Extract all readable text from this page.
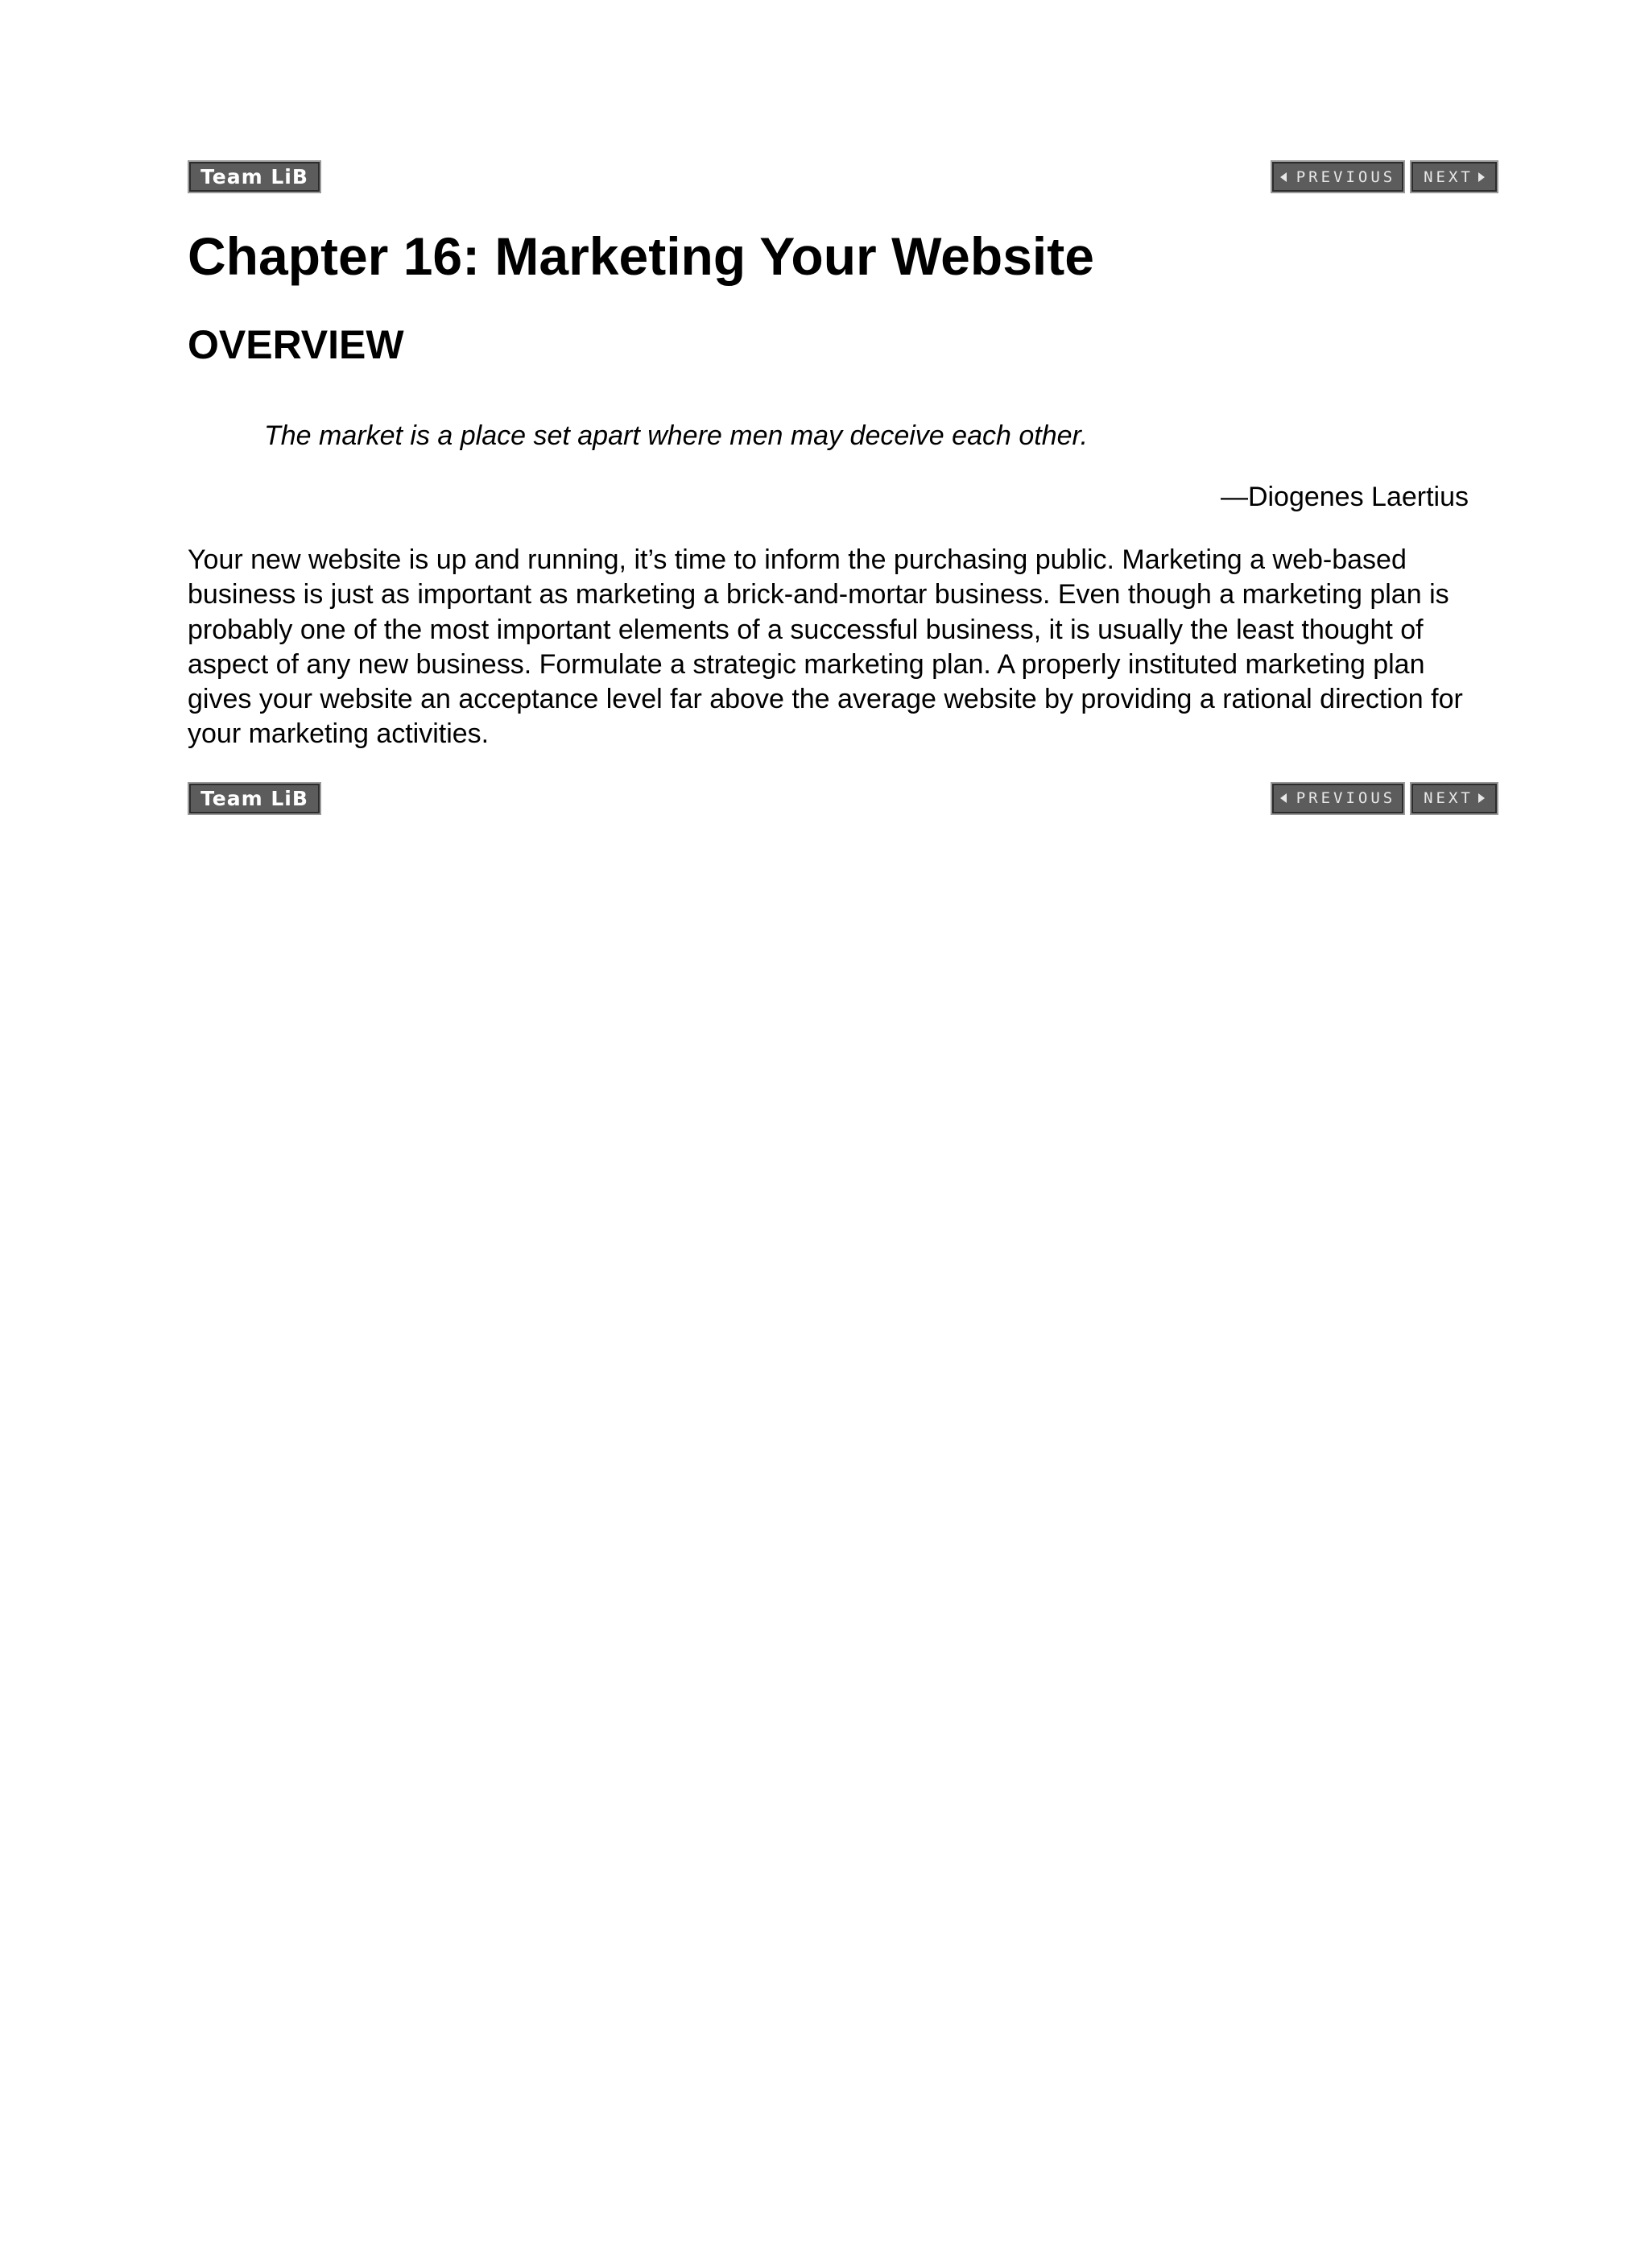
Team LiB	PREVIOUS NEXT
Chapter 16: Marketing Your Website
OVERVIEW
The market is a place set apart where men may deceive each other.
—Diogenes Laertius

Your new website is up and running, it’s time to inform the purchasing public. Marketing a web-based business is just as important as marketing a brick-and-mortar business. Even though a marketing plan is probably one of the most important elements of a successful business, it is usually the least thought of aspect of any new business. Formulate a strategic marketing plan. A properly instituted marketing plan gives your website an acceptance level far above the average website by providing a rational direction for your marketing activities.

Team LiB	PREVIOUS NEXT
